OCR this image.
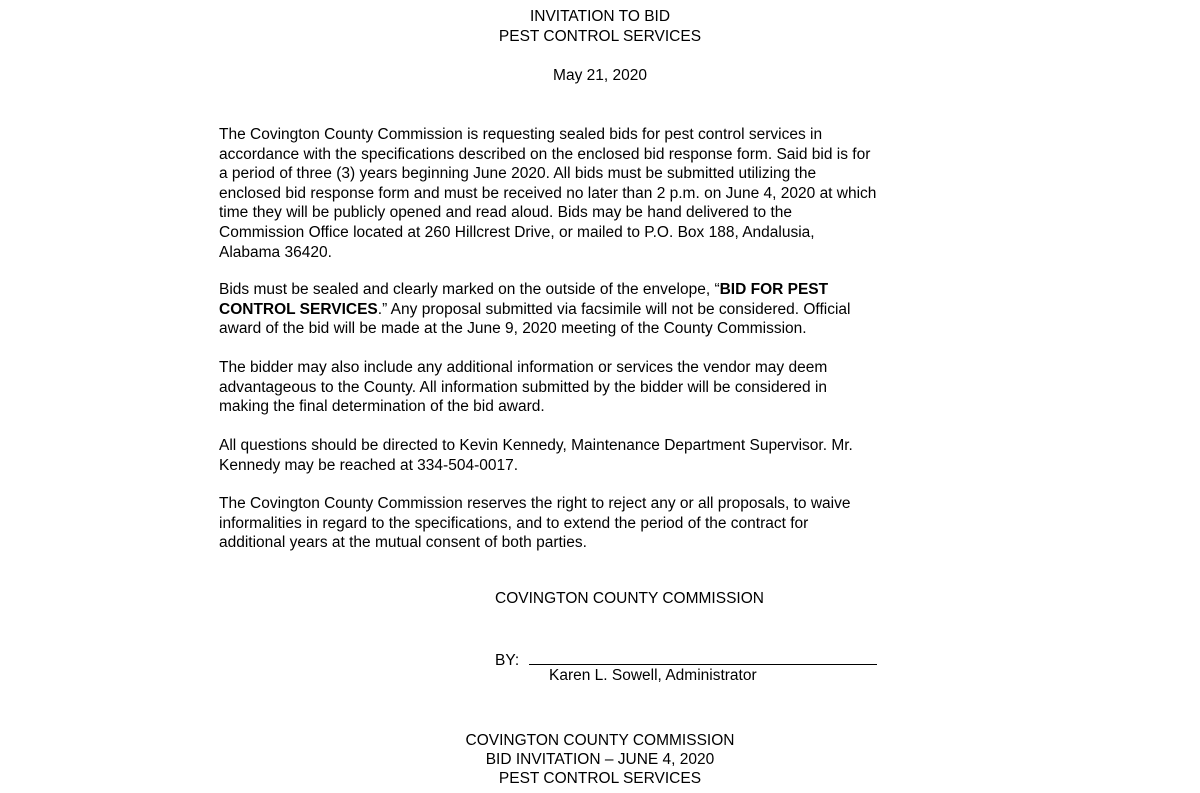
INVITATION TO BID
PEST CONTROL SERVICES
May 21, 2020
The Covington County Commission is requesting sealed bids for pest control services in
accordance with the specifications described on the enclosed bid response form. Said bid is for
a period of three (3) years beginning June 2020. All bids must be submitted utilizing the
enclosed bid response form and must be received no later than 2 p.m. on June 4, 2020 at which
time they will be publicly opened and read aloud. Bids may be hand delivered to the
Commission Office located at 260 Hillcrest Drive, or mailed to P.O. Box 188, Andalusia,
Alabama 36420.
Bids must be sealed and clearly marked on the outside of the envelope, “BID FOR PEST
CONTROL SERVICES.” Any proposal submitted via facsimile will not be considered. Official
award of the bid will be made at the June 9, 2020 meeting of the County Commission.
The bidder may also include any additional information or services the vendor may deem
advantageous to the County. All information submitted by the bidder will be considered in
making the final determination of the bid award.
All questions should be directed to Kevin Kennedy, Maintenance Department Supervisor. Mr.
Kennedy may be reached at 334-504-0017.
The Covington County Commission reserves the right to reject any or all proposals, to waive
informalities in regard to the specifications, and to extend the period of the contract for
additional years at the mutual consent of both parties.
COVINGTON COUNTY COMMISSION
BY:
Karen L. Sowell, Administrator
COVINGTON COUNTY COMMISSION
BID INVITATION – JUNE 4, 2020
PEST CONTROL SERVICES
